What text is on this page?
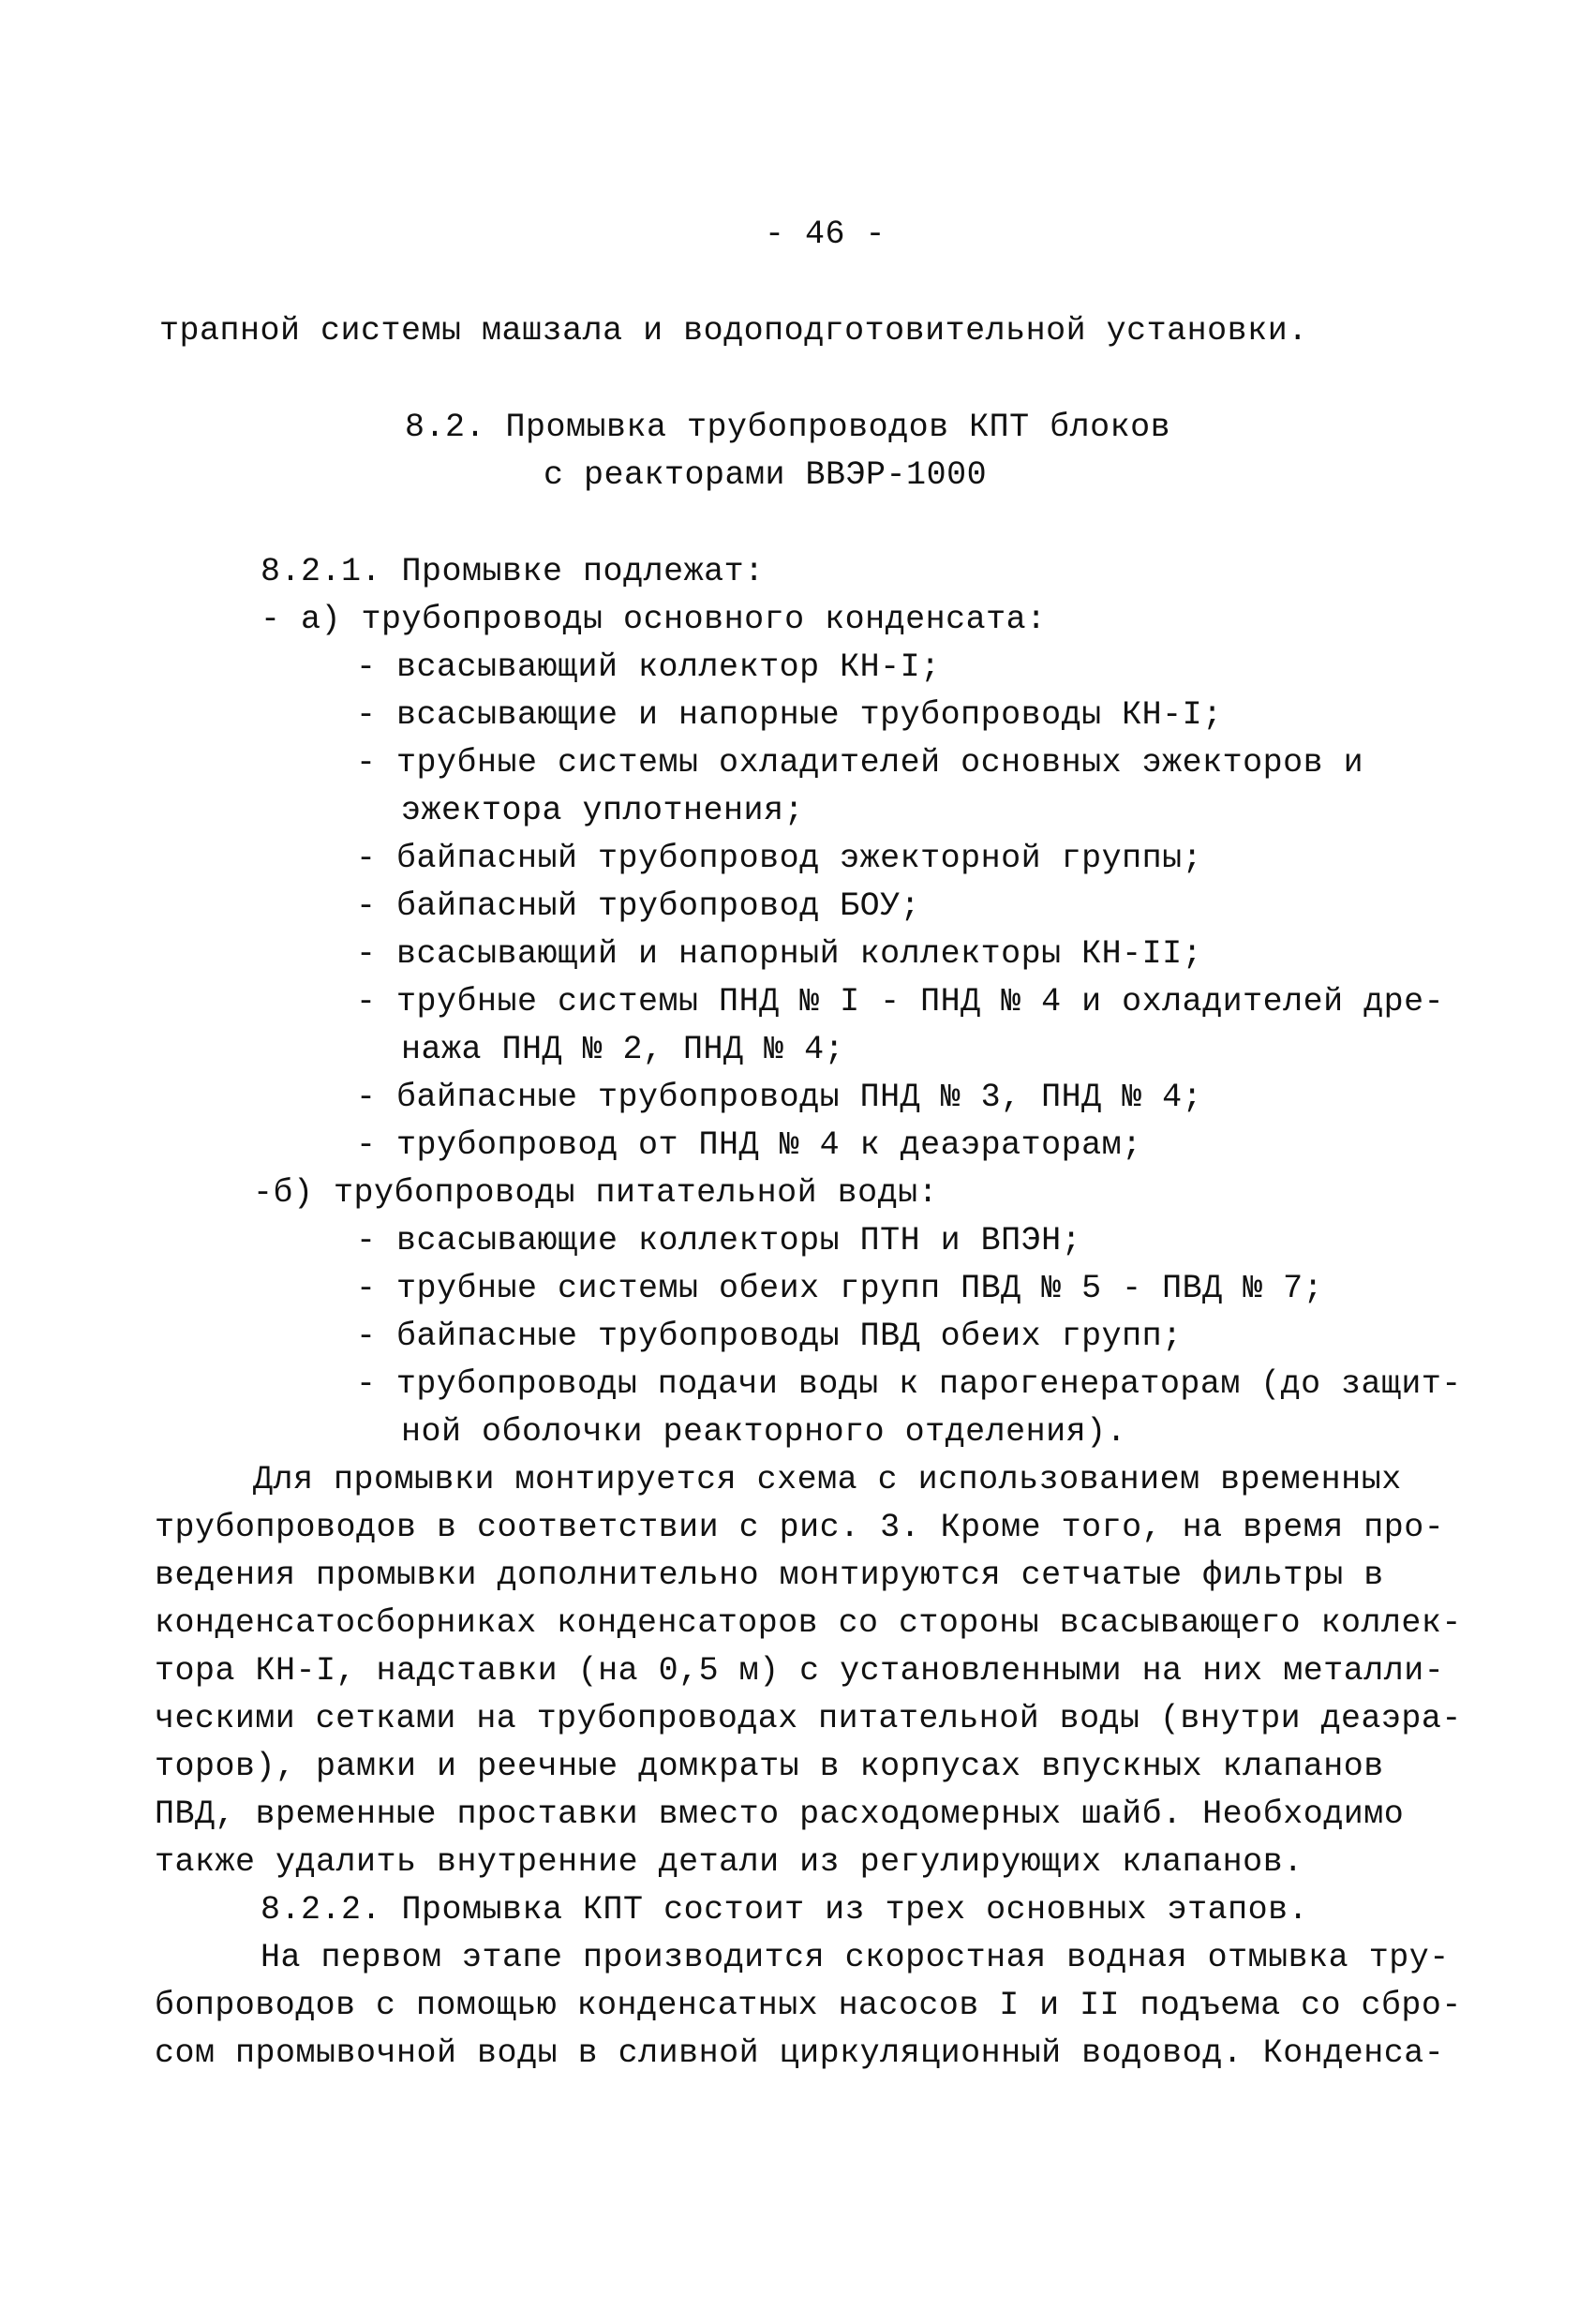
- 46 -
трапной системы машзала и водоподготовительной установки.
8.2. Промывка трубопроводов КПТ блоков
с реакторами ВВЭР-1000
8.2.1. Промывке подлежат:
- а) трубопроводы основного конденсата:
- всасывающий коллектор КН-I;
- всасывающие и напорные трубопроводы КН-I;
- трубные системы охладителей основных эжекторов и
эжектора уплотнения;
- байпасный трубопровод эжекторной группы;
- байпасный трубопровод БОУ;
- всасывающий и напорный коллекторы КН-II;
- трубные системы ПНД № I - ПНД № 4 и охладителей дре-
нажа ПНД № 2, ПНД № 4;
- байпасные трубопроводы ПНД № 3, ПНД № 4;
- трубопровод от ПНД № 4 к деаэраторам;
-б) трубопроводы питательной воды:
- всасывающие коллекторы ПТН и ВПЭН;
- трубные системы обеих групп ПВД № 5 - ПВД № 7;
- байпасные трубопроводы ПВД обеих групп;
- трубопроводы подачи воды к парогенераторам (до защит-
ной оболочки реакторного отделения).
Для промывки монтируется схема с использованием временных
трубопроводов в соответствии с рис. 3. Кроме того, на время про-
ведения промывки дополнительно монтируются сетчатые фильтры в
конденсатосборниках конденсаторов со стороны всасывающего коллек-
тора КН-I, надставки (на 0,5 м) с установленными на них металли-
ческими сетками на трубопроводах питательной воды (внутри деаэра-
торов), рамки и реечные домкраты в корпусах впускных клапанов
ПВД, временные проставки вместо расходомерных шайб. Необходимо
также удалить внутренние детали из регулирующих клапанов.
8.2.2. Промывка КПТ состоит из трех основных этапов.
На первом этапе производится скоростная водная отмывка тру-
бопроводов с помощью конденсатных насосов I и II подъема со сбро-
сом промывочной воды в сливной циркуляционный водовод. Конденса-
